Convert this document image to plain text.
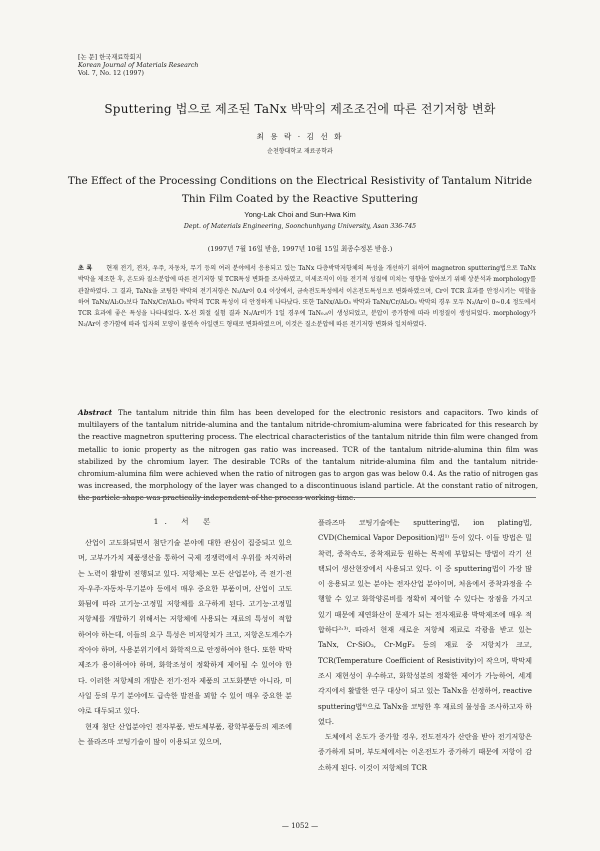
[논 문] 한국재료학회지
Korean Journal of Materials Research
Vol. 7, No. 12 (1997)
Sputtering 법으로 제조된 TaNx 박막의 제조조건에 따른 전기저항 변화
최 용 락 · 김 선 화
순천향대학교 재료공학과
The Effect of the Processing Conditions on the Electrical Resistivity of Tantalum Nitride
Thin Film Coated by the Reactive Sputtering
Yong-Lak Choi and Sun-Hwa Kim
Dept. of Materials Engineering, Soonchunhyang University, Asan 336-745
(1997년 7월 16일 받음, 1997년 10월 15일 최종수정본 받음.)
초 록 현재 전기, 전자, 우주, 자동차, 무기 등의 여러 분야에서 응용되고 있는 TaNx 다층박막저항체의 특성을 개선하기 위하여 magnetron sputtering법으로 TaNx 박막을 제조한 후, 온도와 질소분압에 따른 전기저항 및 TCR특성 변화를 조사하였고, 미세조직이 이들 전기적 성질에 미치는 영향을 알아보기 위해 상분석과 morphology를 관찰하였다. 그 결과, TaNx을 코팅한 박막의 전기저항은 N₂/Ar이 0.4 이상에서, 금속전도특성에서 이온전도특성으로 변화하였으며, Cr이 TCR 효과를 안정시키는 역할을 하여 TaNx/Al₂O₃보다 TaNx/Cr/Al₂O₃ 박막의 TCR 특성이 더 안정하게 나타났다. 또한 TaNx/Al₂O₃ 박막과 TaNx/Cr/Al₂O₃ 박막의 경우 모두 N₂/Ar이 0~0.4 정도에서 TCR 효과에 좋은 특성을 나타내었다. X-선 회절 실험 결과 N₂/Ar비가 1일 경우에 TaN₀.₈이 생성되었고, 분압이 증가함에 따라 비정질이 생성되었다. morphology가 N₂/Ar이 증가함에 따라 입자의 모양이 불연속 아일랜드 형태로 변화하였으며, 이것은 질소분압에 따른 전기저항 변화와 일치하였다.
Abstract The tantalum nitride thin film has been developed for the electronic resistors and capacitors. Two kinds of multilayers of the tantalum nitride-alumina and the tantalum nitride-chromium-alumina were fabricated for this research by the reactive magnetron sputtering process. The electrical characteristics of the tantalum nitride thin film were changed from metallic to ionic property as the nitrogen gas ratio was increased. TCR of the tantalum nitride-alumina thin film was stabilized by the chromium layer. The desirable TCRs of the tantalum nitride-alumina film and the tantalum nitride-chromium-alumina film were achieved when the ratio of nitrogen gas to argon gas was below 0.4. As the ratio of nitrogen gas was increased, the morphology of the layer was changed to a discontinuous island particle. At the constant ratio of nitrogen, the particle shape was practically independent of the process working time.
1. 서 론

산업이 고도화되면서 첨단기술 분야에 대한 관심이 집중되고 있으며, 고부가가치 제품생산을 통하여 국제 경쟁력에서 우위를 차지하려는 노력이 활발히 진행되고 있다. 저항체는 모든 산업분야, 즉 전기·전자·우주·자동차·무기분야 등에서 매우 중요한 부품이며, 산업이 고도화됨에 따라 고기능·고정밀 저항체를 요구하게 된다. 고기능·고정밀 저항체를 개발하기 위해서는 저항체에 사용되는 재료의 특성이 적합하여야 하는데, 이들의 요구 특성은 비저항치가 크고, 저항온도계수가 작아야 하며, 사용분위기에서 화학적으로 안정하여야 한다. 또한 박막제조가 용이하여야 하며, 화학조성이 정확하게 제어될 수 있어야 한다. 이러한 저항체의 개발은 전기·전자 제품의 고도화뿐만 아니라, 미사일 등의 무기 분야에도 급속한 발전을 꾀할 수 있어 매우 중요한 분야로 대두되고 있다.

현재 첨단 산업분야인 전자부품, 반도체부품, 광학부품등의 제조에는 플라즈마 코팅기술이 많이 이용되고 있으며,

플라즈마 코팅기술에는 sputtering법, ion plating법, CVD(Chemical Vapor Deposition)법¹⁾ 등이 있다. 이들 방법은 밀착력, 증착속도, 증착재료등 원하는 목적에 부합되는 방법이 각기 선택되어 생산현장에서 사용되고 있다. 이 중 sputtering법이 가장 많이 응용되고 있는 분야는 전자산업 분야이며, 처음에서 증착과정을 수행할 수 있고 화학양론비를 정확히 제어할 수 있다는 장점을 가지고 있기 때문에 제연화산이 문제가 되는 전자재료용 박막제조에 매우 적합하다²˒³⁾. 따라서 현재 새로운 저항체 재료로 각광을 받고 있는 TaNx, Cr-SiO₂, Cr-MgF₂ 등의 재료 중 저항치가 크고, TCR(Temperature Coefficient of Resistivity)이 작으며, 박막제조시 재현성이 우수하고, 화학성분의 정확한 제어가 가능하여, 세계 각지에서 활발한 연구 대상이 되고 있는 TaNx을 선정하여, reactive sputtering법⁴⁾으로 TaNx을 코팅한 후 재료의 물성을 조사하고자 하였다.

도체에서 온도가 증가할 경우, 전도전자가 산란을 받아 전기저항은 증가하게 되며, 부도체에서는 이온전도가 증가하기 때문에 저항이 감소하게 된다. 이것이 저항체의 TCR

— 1052 —
